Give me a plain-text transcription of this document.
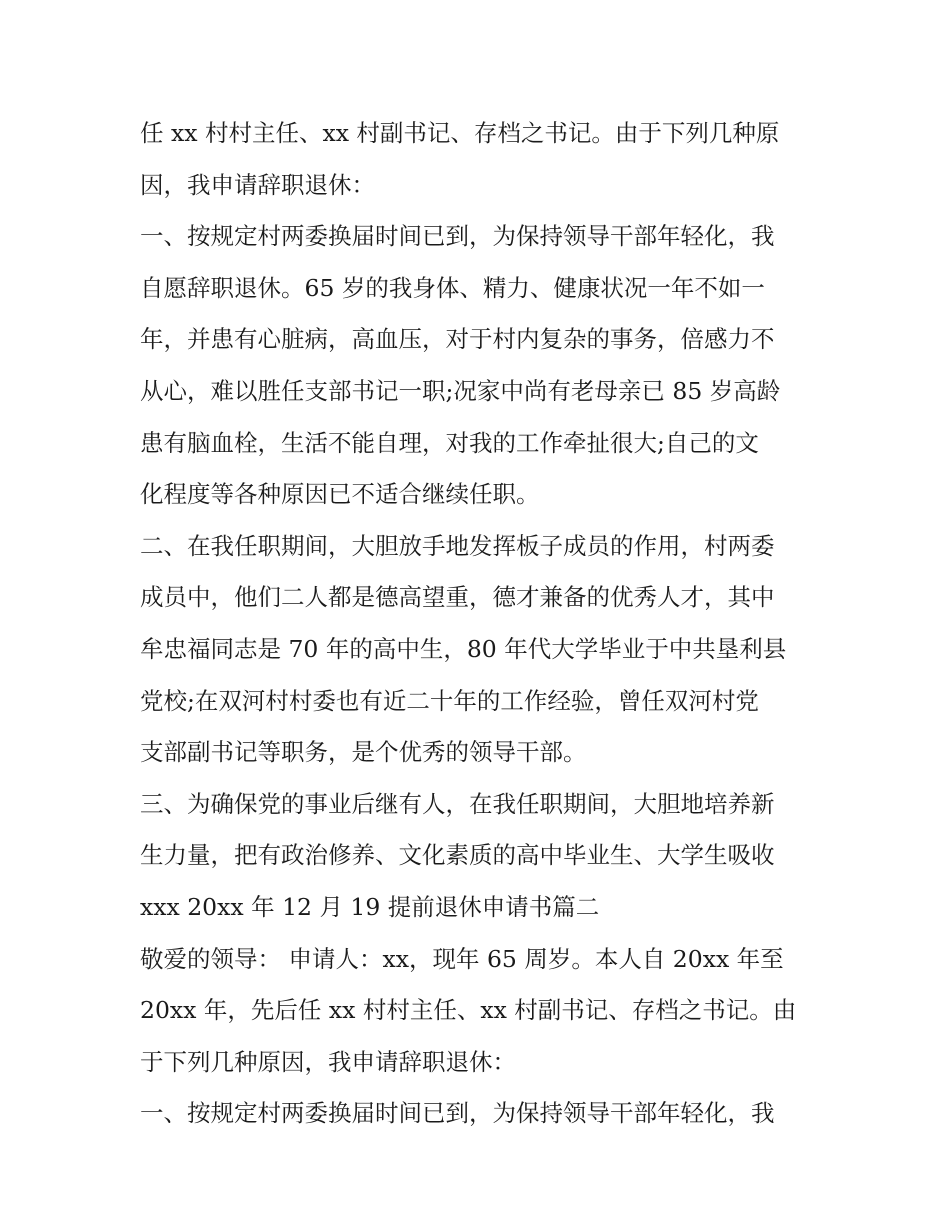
任 xx 村村主任、xx 村副书记、存档之书记。由于下列几种原
因，我申请辞职退休：
一、按规定村两委换届时间已到，为保持领导干部年轻化，我
自愿辞职退休。65 岁的我身体、精力、健康状况一年不如一
年，并患有心脏病，高血压，对于村内复杂的事务，倍感力不
从心，难以胜任支部书记一职;况家中尚有老母亲已 85 岁高龄
患有脑血栓，生活不能自理，对我的工作牵扯很大;自己的文
化程度等各种原因已不适合继续任职。
二、在我任职期间，大胆放手地发挥板子成员的作用，村两委
成员中，他们二人都是德高望重，德才兼备的优秀人才，其中
牟忠福同志是 70 年的高中生，80 年代大学毕业于中共垦利县
党校;在双河村村委也有近二十年的工作经验，曾任双河村党
支部副书记等职务，是个优秀的领导干部。
三、为确保党的事业后继有人，在我任职期间，大胆地培养新
生力量，把有政治修养、文化素质的高中毕业生、大学生吸收
xxx 20xx 年 12 月 19 提前退休申请书篇二
敬爱的领导： 申请人：xx，现年 65 周岁。本人自 20xx 年至
20xx 年，先后任 xx 村村主任、xx 村副书记、存档之书记。由
于下列几种原因，我申请辞职退休：
一、按规定村两委换届时间已到，为保持领导干部年轻化，我
